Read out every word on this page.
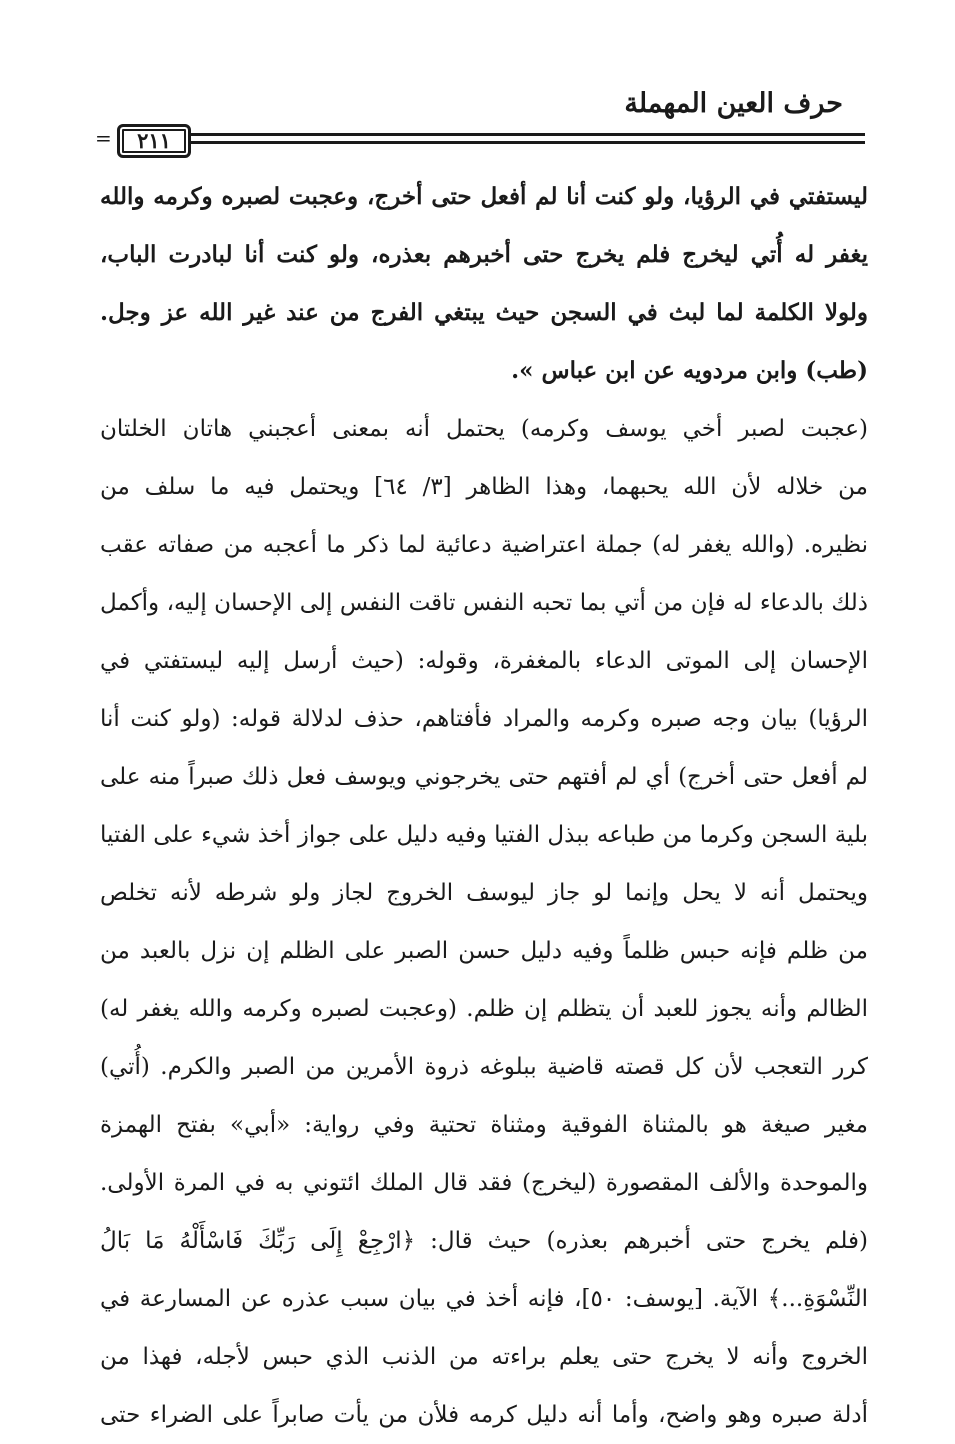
حرف العين المهملة
=	٢١١
ليستفتي في الرؤيا، ولو كنت أنا لم أفعل حتى أخرج، وعجبت لصبره وكرمه والله
يغفر له أُتي ليخرج فلم يخرج حتى أخبرهم بعذره، ولو كنت أنا لبادرت الباب،
ولولا الكلمة لما لبث في السجن حيث يبتغي الفرج من عند غير الله عز وجل.
(طب) وابن مردويه عن ابن عباس ».
(عجبت لصبر أخي يوسف وكرمه) يحتمل أنه بمعنى أعجبني هاتان الخلتان
من خلاله لأن الله يحبهما، وهذا الظاهر [٣/ ٦٤] ويحتمل فيه ما سلف من
نظيره. (والله يغفر له) جملة اعتراضية دعائية لما ذكر ما أعجبه من صفاته عقب
ذلك بالدعاء له فإن من أتي بما تحبه النفس تاقت النفس إلى الإحسان إليه، وأكمل
الإحسان إلى الموتى الدعاء بالمغفرة، وقوله: (حيث أرسل إليه ليستفتي في
الرؤيا) بيان وجه صبره وكرمه والمراد فأفتاهم، حذف لدلالة قوله: (ولو كنت أنا
لم أفعل حتى أخرج) أي لم أفتهم حتى يخرجوني ويوسف فعل ذلك صبراً منه على
بلية السجن وكرما من طباعه ببذل الفتيا وفيه دليل على جواز أخذ شيء على الفتيا
ويحتمل أنه لا يحل وإنما لو جاز ليوسف الخروج لجاز ولو شرطه لأنه تخلص
من ظلم فإنه حبس ظلماً وفيه دليل حسن الصبر على الظلم إن نزل بالعبد من
الظالم وأنه يجوز للعبد أن يتظلم إن ظلم. (وعجبت لصبره وكرمه والله يغفر له)
كرر التعجب لأن كل قصته قاضية ببلوغه ذروة الأمرين من الصبر والكرم. (أُتي)
مغير صيغة هو بالمثناة الفوقية ومثناة تحتية وفي رواية: «أبي» بفتح الهمزة
والموحدة والألف المقصورة (ليخرج) فقد قال الملك ائتوني به في المرة الأولى.
(فلم يخرج حتى أخبرهم بعذره) حيث قال: ﴿ارْجِعْ إِلَى رَبِّكَ فَاسْأَلْهُ مَا بَالُ
النِّسْوَةِ...﴾ الآية. [يوسف: ٥٠]، فإنه أخذ في بيان سبب عذره عن المسارعة في
الخروج وأنه لا يخرج حتى يعلم براءته من الذنب الذي حبس لأجله، فهذا من
أدلة صبره وهو واضح، وأما أنه دليل كرمه فلأن من يأت صابراً على الضراء حتى
